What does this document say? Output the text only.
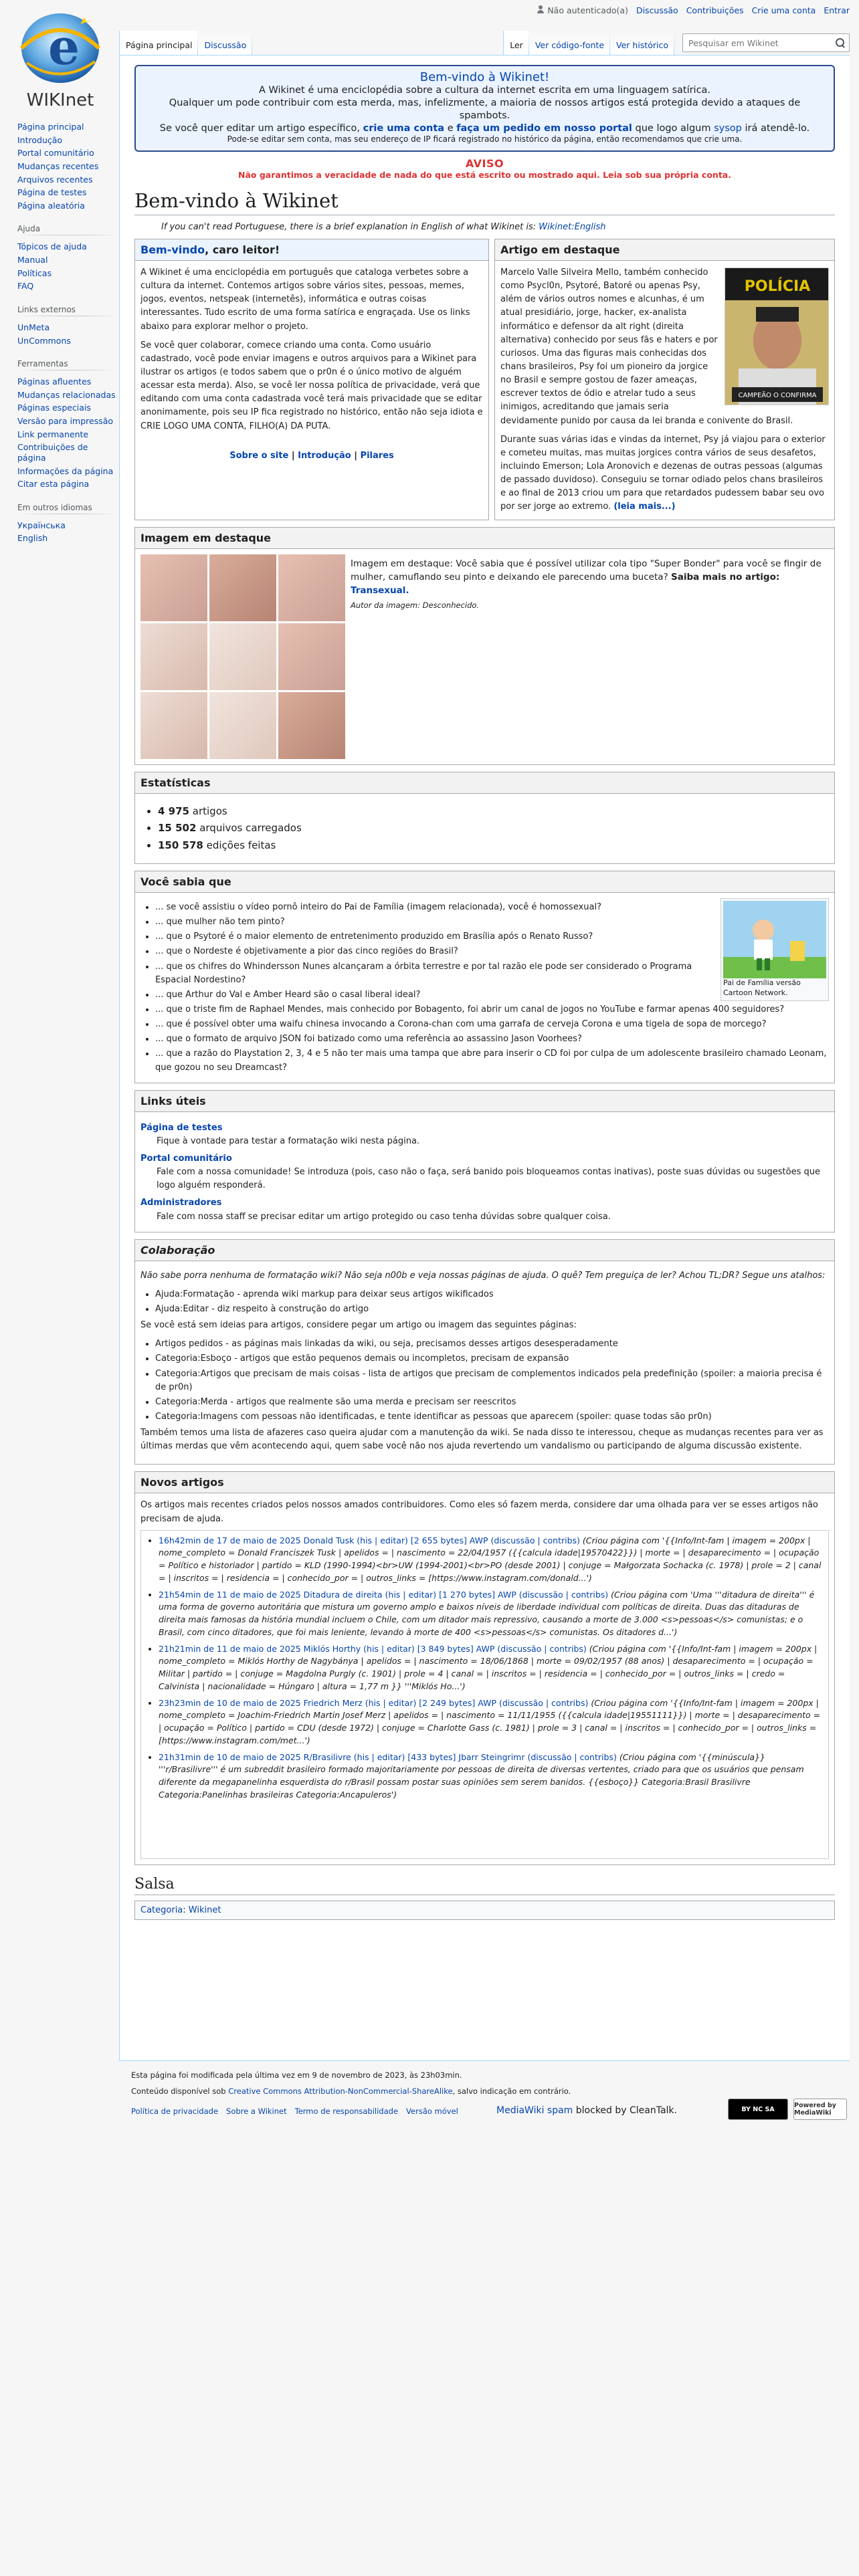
Não autenticado(a) Discussão Contribuições Crie uma conta Entrar
e
WIKInet
Página principal
Introdução
Portal comunitário
Mudanças recentes
Arquivos recentes
Página de testes
Página aleatória
Ajuda
Tópicos de ajuda
Manual
Políticas
FAQ
Links externos
UnMeta
UnCommons
Ferramentas
Páginas afluentes
Mudanças relacionadas
Páginas especiais
Versão para impressão
Link permanente
Contribuições de página
Informações da página
Citar esta página
Em outros idiomas
Українська
English
Página principal	Discussão	Ler	Ver código-fonte	Ver histórico
Pesquisar em Wikinet
Bem-vindo à Wikinet!
A Wikinet é uma enciclopédia sobre a cultura da internet escrita em uma linguagem satírica.
Qualquer um pode contribuir com esta merda, mas, infelizmente, a maioria de nossos artigos está protegida devido a ataques de spambots.
Se você quer editar um artigo específico, crie uma conta e faça um pedido em nosso portal que logo algum sysop irá atendê-lo.
Pode-se editar sem conta, mas seu endereço de IP ficará registrado no histórico da página, então recomendamos que crie uma.
AVISO
Não garantimos a veracidade de nada do que está escrito ou mostrado aqui. Leia sob sua própria conta.
Bem-vindo à Wikinet

If you can't read Portuguese, there is a brief explanation in English of what Wikinet is: Wikinet:English

Bem-vindo, caro leitor!

A Wikinet é uma enciclopédia em português que cataloga verbetes sobre a cultura da internet. Contemos artigos sobre vários sites, pessoas, memes, jogos, eventos, netspeak (internetês), informática e outras coisas interessantes. Tudo escrito de uma forma satírica e engraçada. Use os links abaixo para explorar melhor o projeto.

Se você quer colaborar, comece criando uma conta. Como usuário cadastrado, você pode enviar imagens e outros arquivos para a Wikinet para ilustrar os artigos (e todos sabem que o pr0n é o único motivo de alguém acessar esta merda). Also, se você ler nossa política de privacidade, verá que editando com uma conta cadastrada você terá mais privacidade que se editar anonimamente, pois seu IP fica registrado no histórico, então não seja idiota e CRIE LOGO UMA CONTA, FILHO(A) DA PUTA.

Sobre o site | Introdução | Pilares
Artigo em destaque
POLÍCIA
CAMPEÃO O CONFIRMA

Marcelo Valle Silveira Mello, também conhecido como Psycl0n, Psytoré, Batoré ou apenas Psy, além de vários outros nomes e alcunhas, é um atual presidiário, jorge, hacker, ex-analista informático e defensor da alt right (direita alternativa) conhecido por seus fãs e haters e por curiosos. Uma das figuras mais conhecidas dos chans brasileiros, Psy foi um pioneiro da jorgice no Brasil e sempre gostou de fazer ameaças, escrever textos de ódio e atrelar tudo a seus inimigos, acreditando que jamais seria devidamente punido por causa da lei branda e conivente do Brasil.

Durante suas várias idas e vindas da internet, Psy já viajou para o exterior e cometeu muitas, mas muitas jorgices contra vários de seus desafetos, incluindo Emerson; Lola Aronovich e dezenas de outras pessoas (algumas de passado duvidoso). Conseguiu se tornar odiado pelos chans brasileiros e ao final de 2013 criou um para que retardados pudessem babar seu ovo por ser jorge ao extremo. (leia mais...)

Imagem em destaque
Imagem em destaque: Você sabia que é possível utilizar cola tipo "Super Bonder" para você se fingir de mulher, camuflando seu pinto e deixando ele parecendo uma buceta? Saiba mais no artigo: Transexual.
Autor da imagem: Desconhecido.
Estatísticas
• 4 975 artigos
• 15 502 arquivos carregados
• 150 578 edições feitas
Você sabia que
Pai de Família versão Cartoon Network.
• ... se você assistiu o vídeo pornô inteiro do Pai de Família (imagem relacionada), você é homossexual?
• ... que mulher não tem pinto?
• ... que o Psytoré é o maior elemento de entretenimento produzido em Brasília após o Renato Russo?
• ... que o Nordeste é objetivamente a pior das cinco regiões do Brasil?
• ... que os chifres do Whindersson Nunes alcançaram a órbita terrestre e por tal razão ele pode ser considerado o Programa Espacial Nordestino?
• ... que Arthur do Val e Amber Heard são o casal liberal ideal?
• ... que o triste fim de Raphael Mendes, mais conhecido por Bobagento, foi abrir um canal de jogos no YouTube e farmar apenas 400 seguidores?
• ... que é possível obter uma waifu chinesa invocando a Corona-chan com uma garrafa de cerveja Corona e uma tigela de sopa de morcego?
• ... que o formato de arquivo JSON foi batizado como uma referência ao assassino Jason Voorhees?
• ... que a razão do Playstation 2, 3, 4 e 5 não ter mais uma tampa que abre para inserir o CD foi por culpa de um adolescente brasileiro chamado Leonam, que gozou no seu Dreamcast?
Links úteis
Página de testes
Fique à vontade para testar a formatação wiki nesta página.
Portal comunitário
Fale com a nossa comunidade! Se introduza (pois, caso não o faça, será banido pois bloqueamos contas inativas), poste suas dúvidas ou sugestões que logo alguém responderá.
Administradores
Fale com nossa staff se precisar editar um artigo protegido ou caso tenha dúvidas sobre qualquer coisa.
Colaboração

Não sabe porra nenhuma de formatação wiki? Não seja n00b e veja nossas páginas de ajuda. O quê? Tem preguiça de ler? Achou TL;DR? Segue uns atalhos:

• Ajuda:Formatação - aprenda wiki markup para deixar seus artigos wikificados
• Ajuda:Editar - diz respeito à construção do artigo

Se você está sem ideias para artigos, considere pegar um artigo ou imagem das seguintes páginas:

• Artigos pedidos - as páginas mais linkadas da wiki, ou seja, precisamos desses artigos desesperadamente
• Categoria:Esboço - artigos que estão pequenos demais ou incompletos, precisam de expansão
• Categoria:Artigos que precisam de mais coisas - lista de artigos que precisam de complementos indicados pela predefinição (spoiler: a maioria precisa é de pr0n)
• Categoria:Merda - artigos que realmente são uma merda e precisam ser reescritos
• Categoria:Imagens com pessoas não identificadas, e tente identificar as pessoas que aparecem (spoiler: quase todas são pr0n)

Também temos uma lista de afazeres caso queira ajudar com a manutenção da wiki. Se nada disso te interessou, cheque as mudanças recentes para ver as últimas merdas que vêm acontecendo aqui, quem sabe você não nos ajuda revertendo um vandalismo ou participando de alguma discussão existente.

Novos artigos
Os artigos mais recentes criados pelos nossos amados contribuidores. Como eles só fazem merda, considere dar uma olhada para ver se esses artigos não precisam de ajuda.
• 16h42min de 17 de maio de 2025 Donald Tusk (his | editar) [2 655 bytes] AWP (discussão | contribs) (Criou página com '{{Info/Int-fam | imagem = 200px | nome_completo = Donald Franciszek Tusk | apelidos = | nascimento = 22/04/1957 ({{calcula idade|19570422}}) | morte = | desaparecimento = | ocupação = Político e historiador | partido = KLD (1990-1994)<br>UW (1994-2001)<br>PO (desde 2001) | conjuge = Małgorzata Sochacka (c. 1978) | prole = 2 | canal = | inscritos = | residencia = | conhecido_por = | outros_links = [https://www.instagram.com/donald...')
• 21h54min de 11 de maio de 2025 Ditadura de direita (his | editar) [1 270 bytes] AWP (discussão | contribs) (Criou página com 'Uma '''ditadura de direita''' é uma forma de governo autoritária que mistura um governo amplo e baixos níveis de liberdade individual com políticas de direita. Duas das ditaduras de direita mais famosas da história mundial incluem o Chile, com um ditador mais repressivo, causando a morte de 3.000 <s>pessoas</s> comunistas; e o Brasil, com cinco ditadores, que foi mais leniente, levando à morte de 400 <s>pessoas</s> comunistas. Os ditadores d...')
• 21h21min de 11 de maio de 2025 Miklós Horthy (his | editar) [3 849 bytes] AWP (discussão | contribs) (Criou página com '{{Info/Int-fam | imagem = 200px | nome_completo = Miklós Horthy de Nagybánya | apelidos = | nascimento = 18/06/1868 | morte = 09/02/1957 (88 anos) | desaparecimento = | ocupação = Militar | partido = | conjuge = Magdolna Purgly (c. 1901) | prole = 4 | canal = | inscritos = | residencia = | conhecido_por = | outros_links = | credo = Calvinista | nacionalidade = Húngaro | altura = 1,77 m }} '''Miklós Ho...')
• 23h23min de 10 de maio de 2025 Friedrich Merz (his | editar) [2 249 bytes] AWP (discussão | contribs) (Criou página com '{{Info/Int-fam | imagem = 200px | nome_completo = Joachim-Friedrich Martin Josef Merz | apelidos = | nascimento = 11/11/1955 ({{calcula idade|19551111}}) | morte = | desaparecimento = | ocupação = Político | partido = CDU (desde 1972) | conjuge = Charlotte Gass (c. 1981) | prole = 3 | canal = | inscritos = | conhecido_por = | outros_links = [https://www.instagram.com/met...')
• 21h31min de 10 de maio de 2025 R/Brasilivre (his | editar) [433 bytes] Jbarr Steingrimr (discussão | contribs) (Criou página com '{{minúscula}} '''r/Brasilivre''' é um subreddit brasileiro formado majoritariamente por pessoas de direita de diversas vertentes, criado para que os usuários que pensam diferente da megapanelinha esquerdista do r/Brasil possam postar suas opiniões sem serem banidos. {{esboço}} Categoria:Brasil Brasilivre Categoria:Panelinhas brasileiras Categoria:Ancapuleros')
Salsa
Categoria: Wikinet

Esta página foi modificada pela última vez em 9 de novembro de 2023, às 23h03min.

Conteúdo disponível sob Creative Commons Attribution-NonCommercial-ShareAlike, salvo indicação em contrário.

Política de privacidade Sobre a Wikinet Termo de responsabilidade Versão móvel	MediaWiki spam blocked by CleanTalk.	BY NC SA	Powered by MediaWiki
